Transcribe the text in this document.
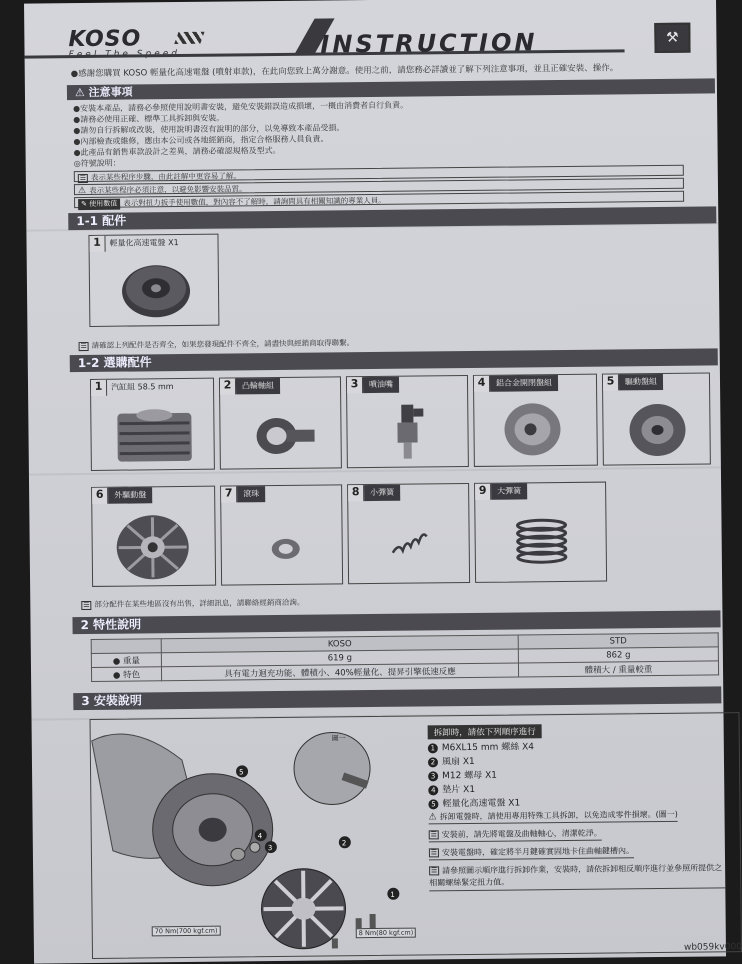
KOSO	INSTRUCTION	⚒
●感謝您購買 KOSO 輕量化高速電盤 (噴射車款)，在此向您致上萬分謝意。使用之前，請您務必詳讀並了解下列注意事項，並且正確安裝、操作。
⚠ 注意事項
●安裝本產品，請務必參照使用說明書安裝，避免安裝錯誤造成損壞，一概由消費者自行負責。
●請務必使用正確、標準工具拆卸與安裝。
●請勿自行拆解或改裝，使用說明書沒有說明的部分，以免導致本產品受損。
●內部檢查或維修，應由本公司或各地經銷商，指定合格服務人員負責。
●此產品有銷售車款設計之差異，請務必確認規格及型式。
◎符號說明：
☰ 表示某些程序步驟，由此註解中更容易了解。
⚠ 表示某些程序必須注意，以避免影響安裝品質。
✎ 使用數值 表示對扭力扳手使用數值，對內容不了解時，請詢問具有相關知識的專業人員。
1-1 配件
1 輕量化高速電盤 X1
☰ 請確認上列配件是否齊全，如果您發現配件不齊全，請盡快與經銷商取得聯繫。
1-2 選購配件
1 汽缸組 58.5 mm	2 凸輪軸組	3 噴油嘴	4 鋁合金開閉盤組	5 驅動盤組
6 外驅動盤	7 滾珠	8 小彈簧	9 大彈簧
☰ 部分配件在某些地區沒有出售，詳細訊息，請聯絡經銷商洽詢。
2 特性說明
	KOSO	STD
● 重量	619 g	862 g
● 特色	具有電力迴充功能、體積小、40%輕量化、提昇引擎低速反應	體積大 / 重量較重
3 安裝說明
圖一
5
2
4
3
1
70 Nm(700 kgf.cm)	8 Nm(80 kgf.cm)
拆卸時，請依下列順序進行
1 M6XL15 mm 螺絲 X4
2 風扇 X1
3 M12 螺母 X1
4 墊片 X1
5 輕量化高速電盤 X1
⚠ 拆卸電盤時，請使用專用特殊工具拆卸，以免造成零件損壞。(圖一)
☰ 安裝前，請先將電盤及曲軸軸心，清潔乾淨。
☰ 安裝電盤時，確定將半月鍵確實固地卡住曲軸鍵槽內。
☰ 請參照圖示順序進行拆卸作業，安裝時，請依拆卸相反順序進行並參照所提供之相關螺絲緊定扭力值。
wb059kv000
